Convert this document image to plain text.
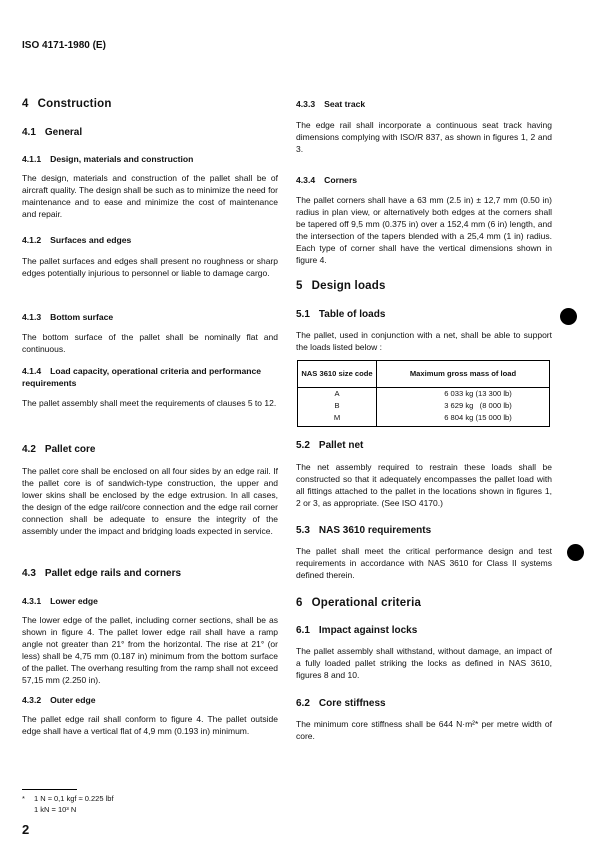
ISO 4171-1980 (E)
4 Construction
4.1 General
4.1.1 Design, materials and construction
The design, materials and construction of the pallet shall be of aircraft quality. The design shall be such as to minimize the need for maintenance and to ease and minimize the cost of maintenance and repair.
4.1.2 Surfaces and edges
The pallet surfaces and edges shall present no roughness or sharp edges potentially injurious to personnel or liable to damage cargo.
4.1.3 Bottom surface
The bottom surface of the pallet shall be nominally flat and continuous.
4.1.4 Load capacity, operational criteria and performance requirements
The pallet assembly shall meet the requirements of clauses 5 to 12.
4.2 Pallet core
The pallet core shall be enclosed on all four sides by an edge rail. If the pallet core is of sandwich-type construction, the upper and lower skins shall be enclosed by the edge extrusion. In all cases, the design of the edge rail/core connection and the edge rail corner connection shall be adequate to ensure the integrity of the assembly under the impact and bridging loads expected in service.
4.3 Pallet edge rails and corners
4.3.1 Lower edge
The lower edge of the pallet, including corner sections, shall be as shown in figure 4. The pallet lower edge rail shall have a ramp angle not greater than 21° from the horizontal. The rise at 21° (or less) shall be 4,75 mm (0.187 in) minimum from the bottom surface of the pallet. The overhang resulting from the ramp shall not exceed 57,15 mm (2.250 in).
4.3.2 Outer edge
The pallet edge rail shall conform to figure 4. The pallet outside edge shall have a vertical flat of 4,9 mm (0.193 in) minimum.
* 1 N ≈ 0,1 kgf ≈ 0.225 lbf
1 kN = 10³ N
2
4.3.3 Seat track
The edge rail shall incorporate a continuous seat track having dimensions complying with ISO/R 837, as shown in figures 1, 2 and 3.
4.3.4 Corners
The pallet corners shall have a 63 mm (2.5 in) ± 12,7 mm (0.50 in) radius in plan view, or alternatively both edges at the corners shall be tapered off 9,5 mm (0.375 in) over a 152,4 mm (6 in) length, and the intersection of the tapers blended with a 25,4 mm (1 in) radius. Each type of corner shall have the vertical dimensions shown in figure 4.
5 Design loads
5.1 Table of loads
The pallet, used in conjunction with a net, shall be able to support the loads listed below :
NAS 3610 size code	Maximum gross mass of load
A	6 033 kg (13 300 lb)
B	3 629 kg   (8 000 lb)
M	6 804 kg (15 000 lb)
5.2 Pallet net
The net assembly required to restrain these loads shall be constructed so that it adequately encompasses the pallet load with all fittings attached to the pallet in the locations shown in figures 1, 2 or 3, as appropriate. (See ISO 4170.)
5.3 NAS 3610 requirements
The pallet shall meet the critical performance design and test requirements in accordance with NAS 3610 for Class II systems defined therein.
6 Operational criteria
6.1 Impact against locks
The pallet assembly shall withstand, without damage, an impact of a fully loaded pallet striking the locks as defined in NAS 3610, figures 8 and 10.
6.2 Core stiffness
The minimum core stiffness shall be 644 N·m²* per metre width of core.
